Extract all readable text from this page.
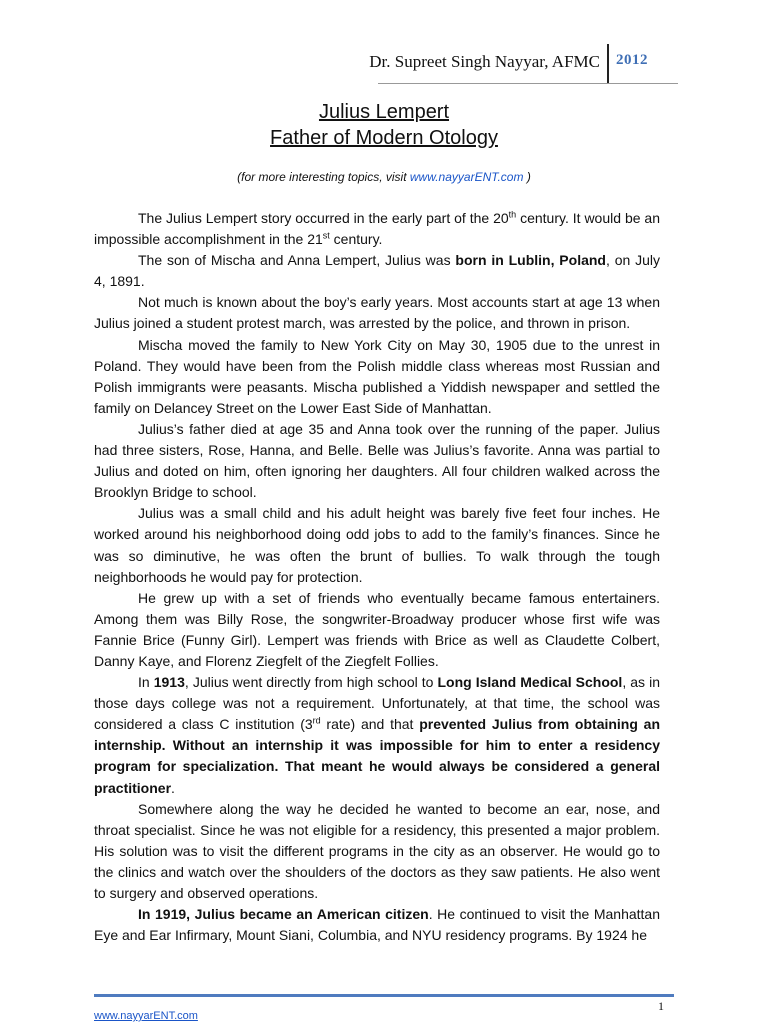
Dr. Supreet Singh Nayyar, AFMC 2012
Julius Lempert
Father of Modern Otology
(for more interesting topics, visit www.nayyarENT.com )

The Julius Lempert story occurred in the early part of the 20th century. It would be an impossible accomplishment in the 21st century.

The son of Mischa and Anna Lempert, Julius was born in Lublin, Poland, on July 4, 1891.

Not much is known about the boy’s early years. Most accounts start at age 13 when Julius joined a student protest march, was arrested by the police, and thrown in prison.

Mischa moved the family to New York City on May 30, 1905 due to the unrest in Poland. They would have been from the Polish middle class whereas most Russian and Polish immigrants were peasants. Mischa published a Yiddish newspaper and settled the family on Delancey Street on the Lower East Side of Manhattan.

Julius’s father died at age 35 and Anna took over the running of the paper. Julius had three sisters, Rose, Hanna, and Belle. Belle was Julius’s favorite. Anna was partial to Julius and doted on him, often ignoring her daughters. All four children walked across the Brooklyn Bridge to school.

Julius was a small child and his adult height was barely five feet four inches. He worked around his neighborhood doing odd jobs to add to the family’s finances. Since he was so diminutive, he was often the brunt of bullies. To walk through the tough neighborhoods he would pay for protection.

He grew up with a set of friends who eventually became famous entertainers. Among them was Billy Rose, the songwriter-Broadway producer whose first wife was Fannie Brice (Funny Girl). Lempert was friends with Brice as well as Claudette Colbert, Danny Kaye, and Florenz Ziegfelt of the Ziegfelt Follies.

In 1913, Julius went directly from high school to Long Island Medical School, as in those days college was not a requirement. Unfortunately, at that time, the school was considered a class C institution (3rd rate) and that prevented Julius from obtaining an internship. Without an internship it was impossible for him to enter a residency program for specialization. That meant he would always be considered a general practitioner.

Somewhere along the way he decided he wanted to become an ear, nose, and throat specialist. Since he was not eligible for a residency, this presented a major problem. His solution was to visit the different programs in the city as an observer. He would go to the clinics and watch over the shoulders of the doctors as they saw patients. He also went to surgery and observed operations.

In 1919, Julius became an American citizen. He continued to visit the Manhattan Eye and Ear Infirmary, Mount Siani, Columbia, and NYU residency programs. By 1924 he

1
www.nayyarENT.com
